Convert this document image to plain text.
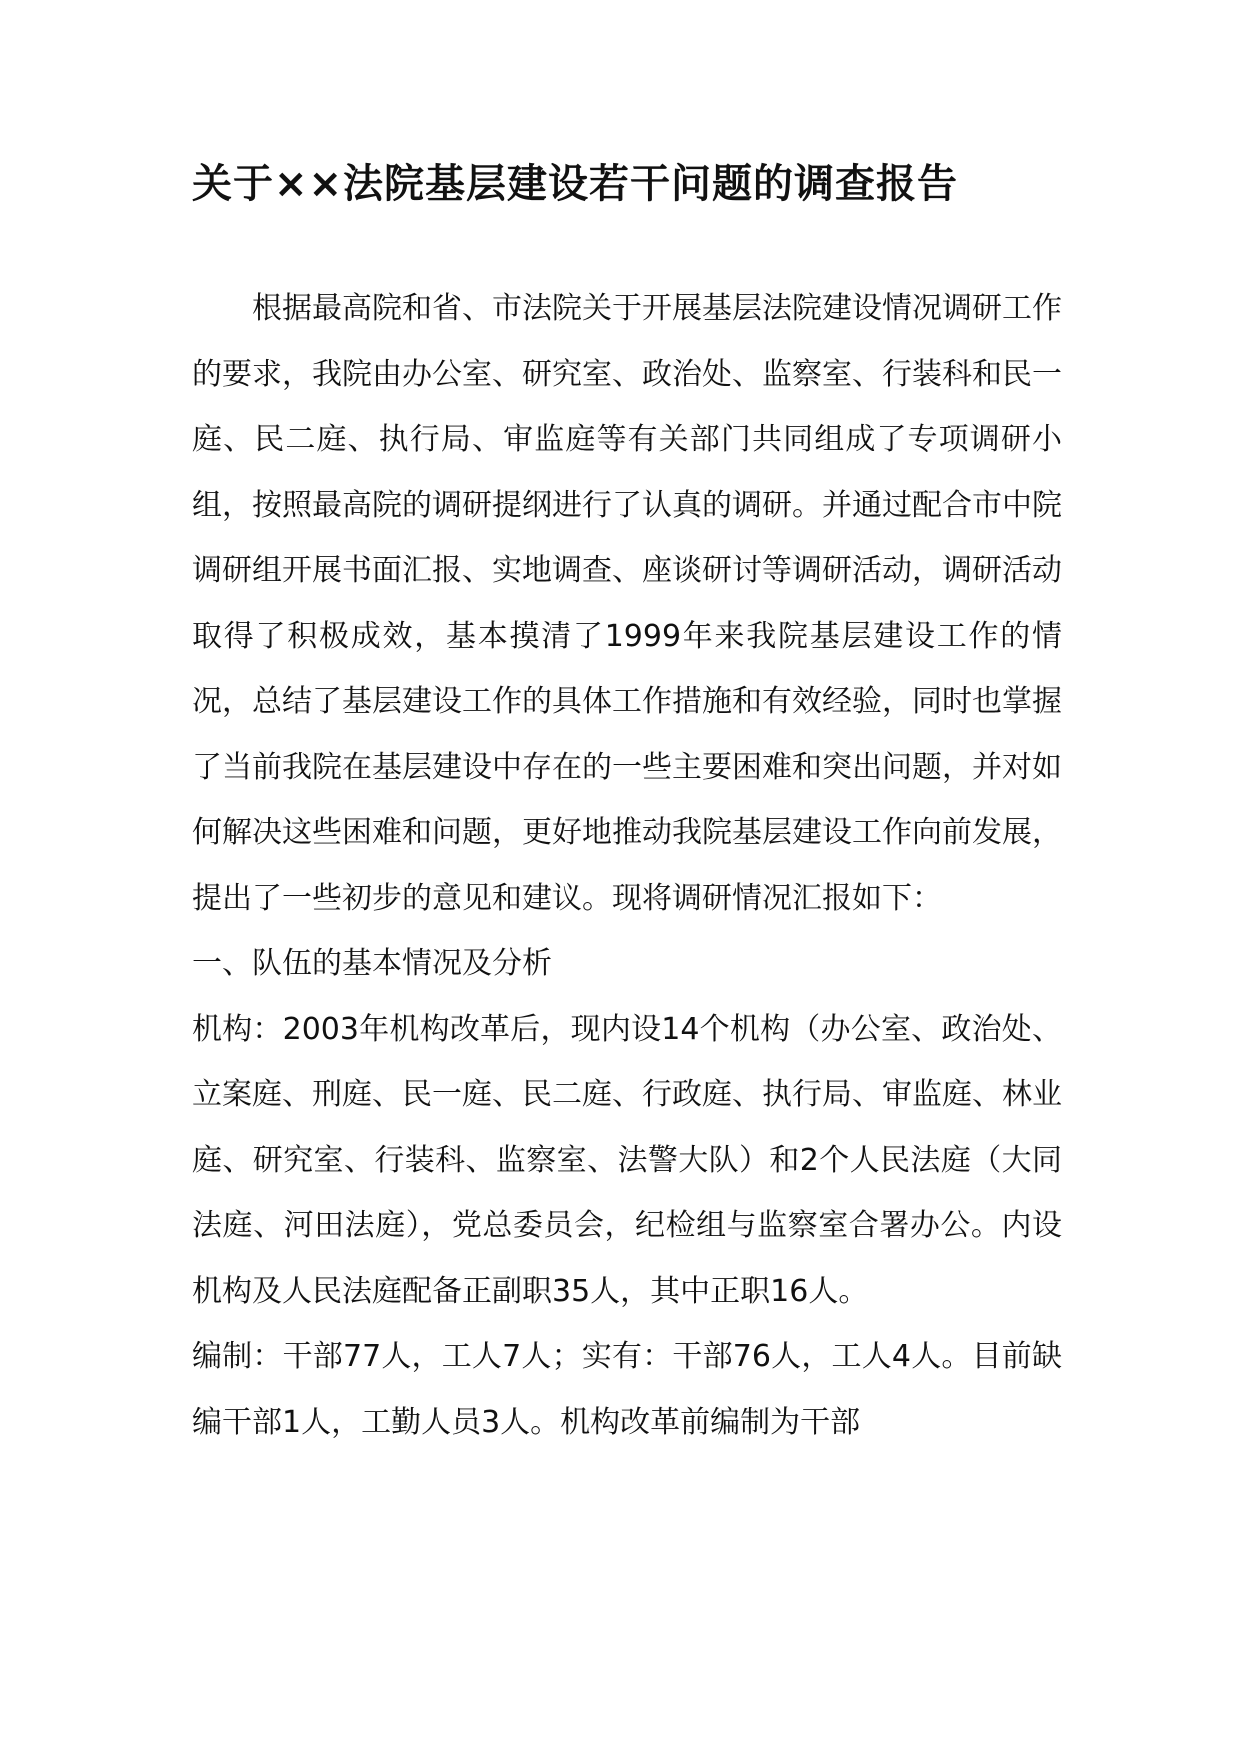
关于××法院基层建设若干问题的调查报告

根据最高院和省、市法院关于开展基层法院建设情况调研工作的要求，我院由办公室、研究室、政治处、监察室、行装科和民一庭、民二庭、执行局、审监庭等有关部门共同组成了专项调研小组，按照最高院的调研提纲进行了认真的调研。并通过配合市中院调研组开展书面汇报、实地调查、座谈研讨等调研活动，调研活动取得了积极成效，基本摸清了1999年来我院基层建设工作的情况，总结了基层建设工作的具体工作措施和有效经验，同时也掌握了当前我院在基层建设中存在的一些主要困难和突出问题，并对如何解决这些困难和问题，更好地推动我院基层建设工作向前发展，提出了一些初步的意见和建议。现将调研情况汇报如下：

一、队伍的基本情况及分析

机构：2003年机构改革后，现内设14个机构（办公室、政治处、立案庭、刑庭、民一庭、民二庭、行政庭、执行局、审监庭、林业庭、研究室、行装科、监察室、法警大队）和2个人民法庭（大同法庭、河田法庭），党总委员会，纪检组与监察室合署办公。内设机构及人民法庭配备正副职35人，其中正职16人。

编制：干部77人，工人7人；实有：干部76人，工人4人。目前缺编干部1人，工勤人员3人。机构改革前编制为干部
